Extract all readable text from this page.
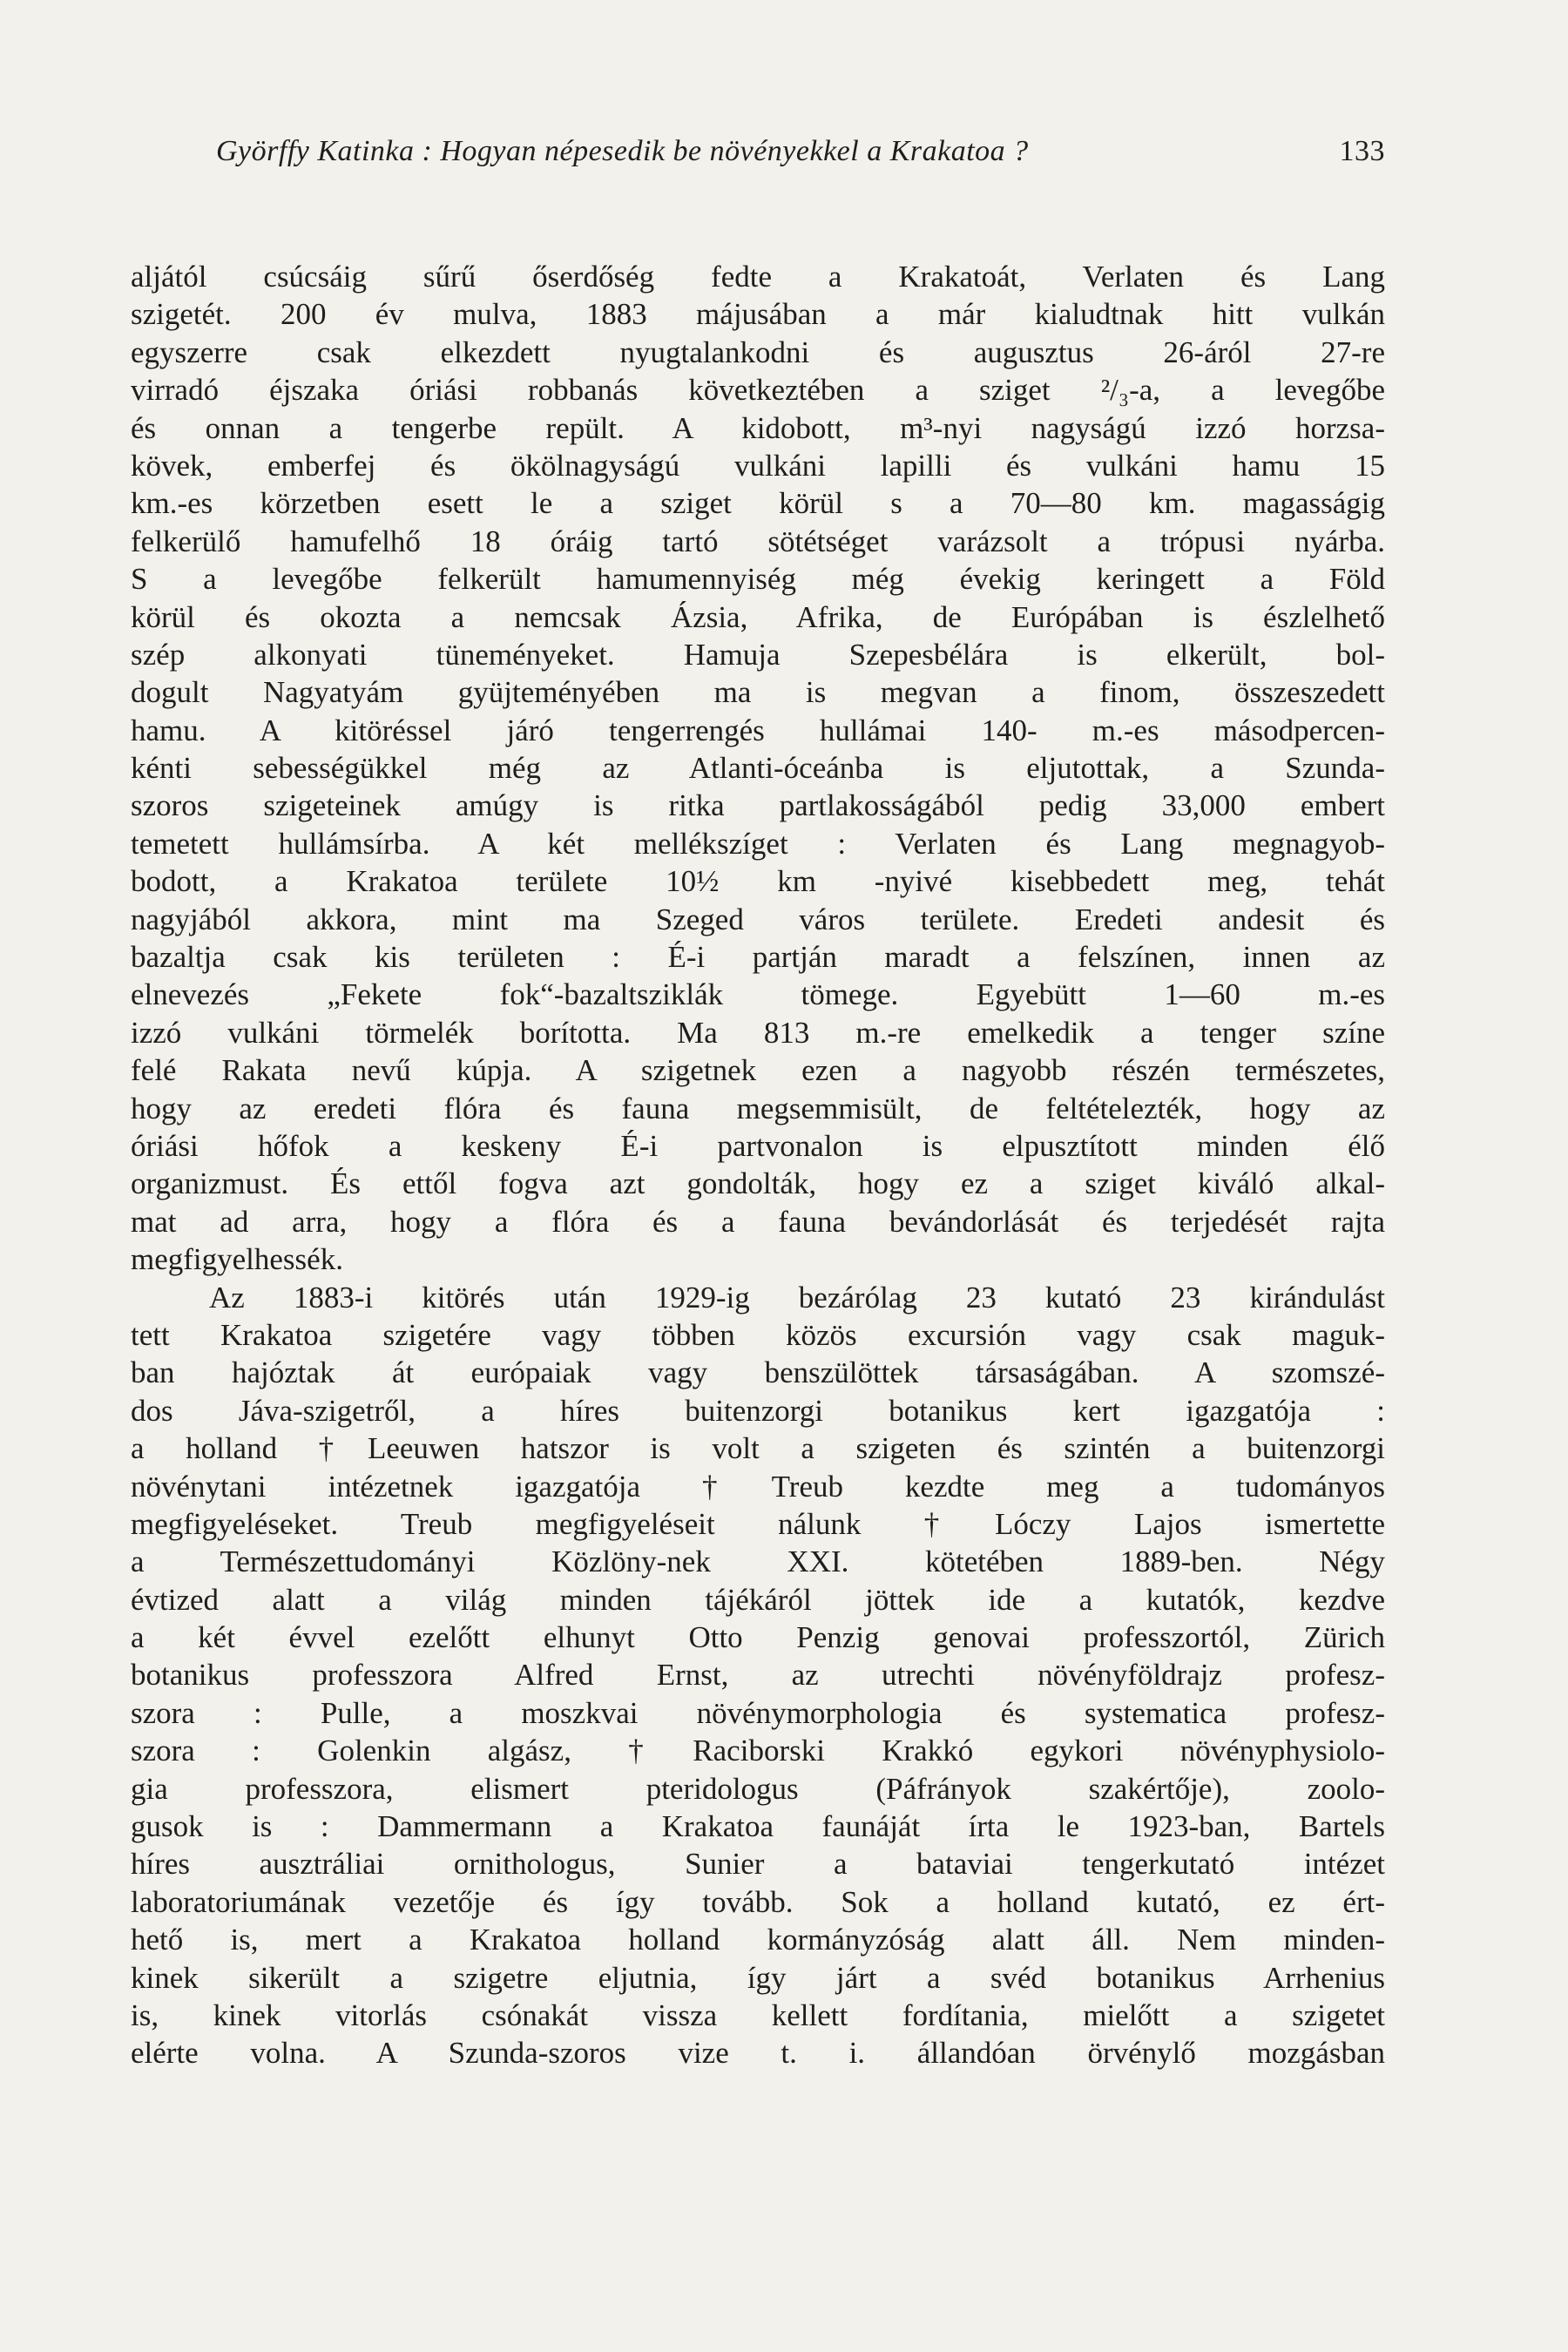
Györffy Katinka : Hogyan népesedik be növényekkel a Krakatoa ?	133
aljától csúcsáig sűrű őserdőség fedte a Krakatoát, Verlaten és Lang
szigetét. 200 év mulva, 1883 májusában a már kialudtnak hitt vulkán
egyszerre csak elkezdett nyugtalankodni és augusztus 26-áról 27-re
virradó éjszaka óriási robbanás következtében a sziget ²/₃-a, a levegőbe
és onnan a tengerbe repült. A kidobott, m³-nyi nagyságú izzó horzsa-
kövek, emberfej és ökölnagyságú vulkáni lapilli és vulkáni hamu 15
km.-es körzetben esett le a sziget körül s a 70—80 km. magasságig
felkerülő hamufelhő 18 óráig tartó sötétséget varázsolt a trópusi nyárba.
S a levegőbe felkerült hamumennyiség még évekig keringett a Föld
körül és okozta a nemcsak Ázsia, Afrika, de Európában is észlelhető
szép alkonyati tüneményeket. Hamuja Szepesbélára is elkerült, bol-
dogult Nagyatyám gyüjteményében ma is megvan a finom, összeszedett
hamu. A kitöréssel járó tengerrengés hullámai 140- m.-es másodpercen-
kénti sebességükkel még az Atlanti-óceánba is eljutottak, a Szunda-
szoros szigeteinek amúgy is ritka partlakosságából pedig 33,000 embert
temetett hullámsírba. A két mellékszíget : Verlaten és Lang megnagyob-
bodott, a Krakatoa területe 10½ km -nyivé kisebbedett meg, tehát
nagyjából akkora, mint ma Szeged város területe. Eredeti andesit és
bazaltja csak kis területen : É-i partján maradt a felszínen, innen az
elnevezés „Fekete fok“-bazaltsziklák tömege. Egyebütt 1—60 m.-es
izzó vulkáni törmelék borította. Ma 813 m.-re emelkedik a tenger színe
felé Rakata nevű kúpja. A szigetnek ezen a nagyobb részén természetes,
hogy az eredeti flóra és fauna megsemmisült, de feltételezték, hogy az
óriási hőfok a keskeny É-i partvonalon is elpusztított minden élő
organizmust. És ettől fogva azt gondolták, hogy ez a sziget kiváló alkal-
mat ad arra, hogy a flóra és a fauna bevándorlását és terjedését rajta
megfigyelhessék.
Az 1883-i kitörés után 1929-ig bezárólag 23 kutató 23 kirándulást
tett Krakatoa szigetére vagy többen közös excursión vagy csak maguk-
ban hajóztak át európaiak vagy benszülöttek társaságában. A szomszé-
dos Jáva-szigetről, a híres buitenzorgi botanikus kert igazgatója :
a holland †Leeuwen hatszor is volt a szigeten és szintén a buitenzorgi
növénytani intézetnek igazgatója †Treub kezdte meg a tudományos
megfigyeléseket. Treub megfigyeléseit nálunk †Lóczy Lajos ismertette
a Természettudományi Közlöny-nek XXI. kötetében 1889-ben. Négy
évtized alatt a világ minden tájékáról jöttek ide a kutatók, kezdve
a két évvel ezelőtt elhunyt Otto Penzig genovai professzortól, Zürich
botanikus professzora Alfred Ernst, az utrechti növényföldrajz profesz-
szora : Pulle, a moszkvai növénymorphologia és systematica profesz-
szora : Golenkin algász, †Raciborski Krakkó egykori növényphysiolo-
gia professzora, elismert pteridologus (Páfrányok szakértője), zoolo-
gusok is : Dammermann a Krakatoa faunáját írta le 1923-ban, Bartels
híres ausztráliai ornithologus, Sunier a bataviai tengerkutató intézet
laboratoriumának vezetője és így tovább. Sok a holland kutató, ez ért-
hető is, mert a Krakatoa holland kormányzóság alatt áll. Nem minden-
kinek sikerült a szigetre eljutnia, így járt a svéd botanikus Arrhenius
is, kinek vitorlás csónakát vissza kellett fordítania, mielőtt a szigetet
elérte volna. A Szunda-szoros vize t. i. állandóan örvénylő mozgásban
